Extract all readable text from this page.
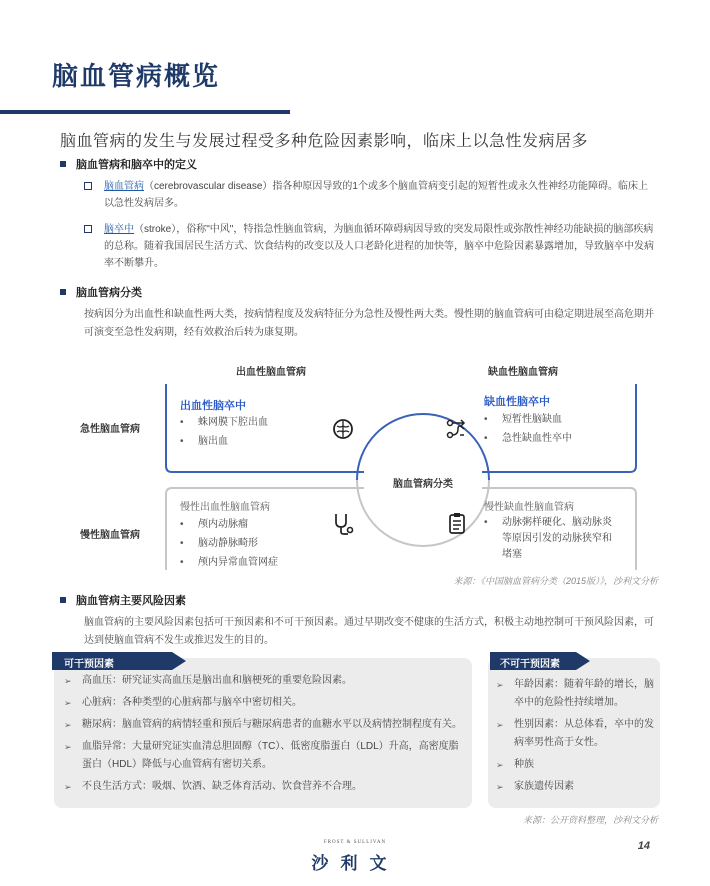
脑血管病概览
脑血管病的发生与发展过程受多种危险因素影响，临床上以急性发病居多
脑血管病和脑卒中的定义
脑血管病（cerebrovascular disease）指各种原因导致的1个或多个脑血管病变引起的短暂性或永久性神经功能障碍。临床上以急性发病居多。
脑卒中（stroke），俗称"中风"，特指急性脑血管病，为脑血循环障碍病因导致的突发局限性或弥散性神经功能缺损的脑部疾病的总称。随着我国居民生活方式、饮食结构的改变以及人口老龄化进程的加快等，脑卒中危险因素暴露增加，导致脑卒中发病率不断攀升。
脑血管病分类
按病因分为出血性和缺血性两大类，按病情程度及发病特征分为急性及慢性两大类。慢性期的脑血管病可由稳定期进展至高危期并可演变至急性发病期，经有效救治后转为康复期。
出血性脑血管病	缺血性脑血管病
急性脑血管病
慢性脑血管病
脑血管病分类
出血性脑卒中
• 蛛网膜下腔出血
• 脑出血
缺血性脑卒中
• 短暂性脑缺血
• 急性缺血性卒中
慢性出血性脑血管病
• 颅内动脉瘤
• 脑动静脉畸形
• 颅内异常血管网症
慢性缺血性脑血管病
• 动脉粥样硬化、脑动脉炎等原因引发的动脉狭窄和堵塞
来源：《中国脑血管病分类（2015版）》，沙利文分析
脑血管病主要风险因素
脑血管病的主要风险因素包括可干预因素和不可干预因素。通过早期改变不健康的生活方式，积极主动地控制可干预风险因素，可达到使脑血管病不发生或推迟发生的目的。
可干预因素
➢ 高血压：研究证实高血压是脑出血和脑梗死的重要危险因素。
➢ 心脏病：各种类型的心脏病都与脑卒中密切相关。
➢ 糖尿病：脑血管病的病情轻重和预后与糖尿病患者的血糖水平以及病情控制程度有关。
➢ 血脂异常：大量研究证实血清总胆固醇（TC）、低密度脂蛋白（LDL）升高，高密度脂蛋白（HDL）降低与心血管病有密切关系。
➢ 不良生活方式：吸烟、饮酒、缺乏体育活动、饮食营养不合理。
不可干预因素
➢ 年龄因素：随着年龄的增长，脑卒中的危险性持续增加。
➢ 性别因素：从总体看，卒中的发病率男性高于女性。
➢ 种族
➢ 家族遗传因素
来源：公开资料整理，沙利文分析
FROST & SULLIVAN
沙利文
14
